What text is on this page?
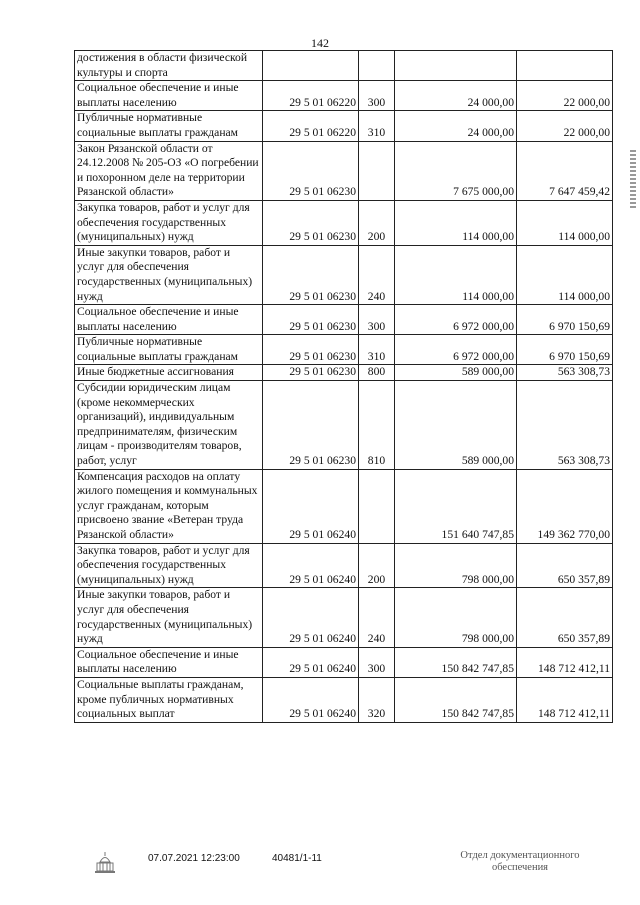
142
достижения в области физической культуры и спорта				
Социальное обеспечение и иные выплаты населению	29 5 01 06220	300	24 000,00	22 000,00
Публичные нормативные социальные выплаты гражданам	29 5 01 06220	310	24 000,00	22 000,00
Закон Рязанской области от 24.12.2008 № 205-ОЗ «О погребении и похоронном деле на территории Рязанской области»	29 5 01 06230		7 675 000,00	7 647 459,42
Закупка товаров, работ и услуг для обеспечения государственных (муниципальных) нужд	29 5 01 06230	200	114 000,00	114 000,00
Иные закупки товаров, работ и услуг для обеспечения государственных (муниципальных) нужд	29 5 01 06230	240	114 000,00	114 000,00
Социальное обеспечение и иные выплаты населению	29 5 01 06230	300	6 972 000,00	6 970 150,69
Публичные нормативные социальные выплаты гражданам	29 5 01 06230	310	6 972 000,00	6 970 150,69
Иные бюджетные ассигнования	29 5 01 06230	800	589 000,00	563 308,73
Субсидии юридическим лицам (кроме некоммерческих организаций), индивидуальным предпринимателям, физическим лицам - производителям товаров, работ, услуг	29 5 01 06230	810	589 000,00	563 308,73
Компенсация расходов на оплату жилого помещения и коммунальных услуг гражданам, которым присвоено звание «Ветеран труда Рязанской области»	29 5 01 06240		151 640 747,85	149 362 770,00
Закупка товаров, работ и услуг для обеспечения государственных (муниципальных) нужд	29 5 01 06240	200	798 000,00	650 357,89
Иные закупки товаров, работ и услуг для обеспечения государственных (муниципальных) нужд	29 5 01 06240	240	798 000,00	650 357,89
Социальное обеспечение и иные выплаты населению	29 5 01 06240	300	150 842 747,85	148 712 412,11
Социальные выплаты гражданам, кроме публичных нормативных социальных выплат	29 5 01 06240	320	150 842 747,85	148 712 412,11
07.07.2021 12:23:00	40481/1-11	Отдел документационного
обеспечения
